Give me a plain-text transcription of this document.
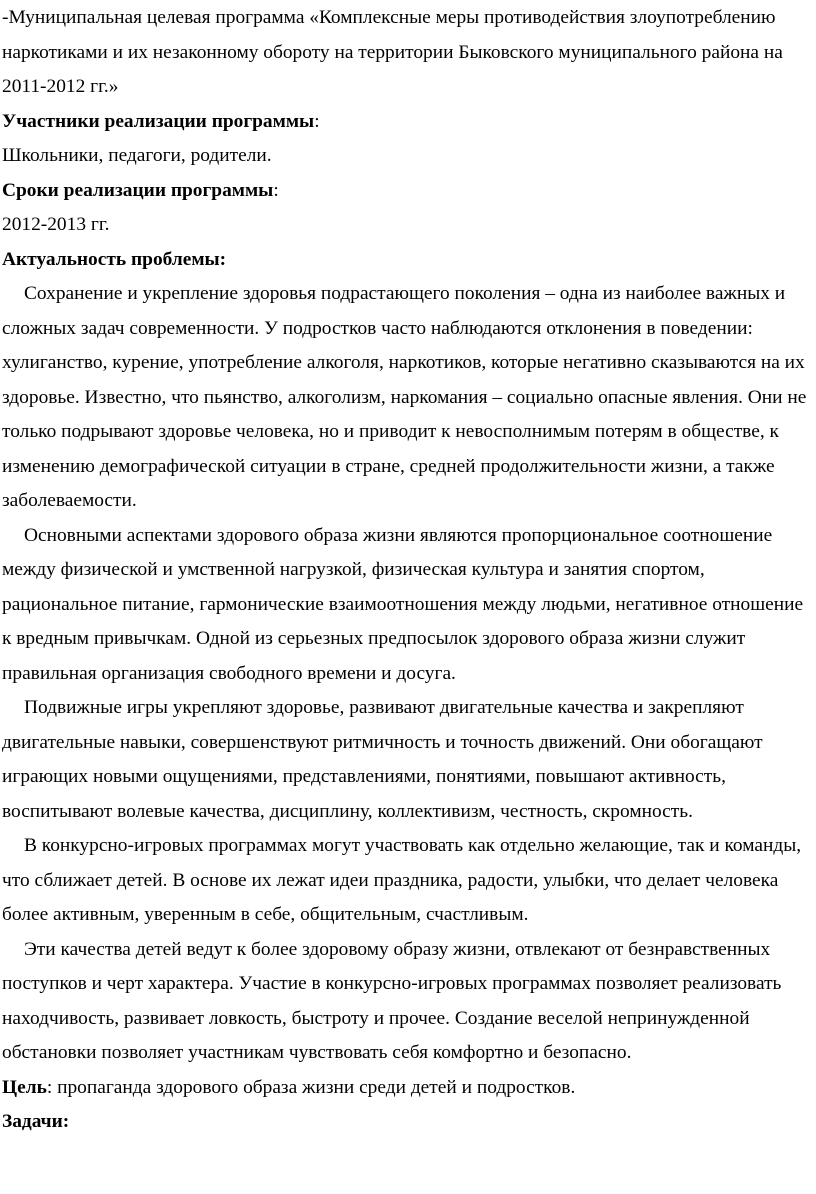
-Муниципальная целевая программа «Комплексные меры противодействия злоупотреблению наркотиками и их незаконному обороту на территории Быковского муниципального района на 2011-2012 гг.»

Участники реализации программы:

Школьники, педагоги, родители.

Сроки реализации программы:

2012-2013 гг.

Актуальность проблемы:

Сохранение и укрепление здоровья подрастающего поколения – одна из наиболее важных и сложных задач современности. У подростков часто наблюдаются отклонения в поведении: хулиганство, курение, употребление алкоголя, наркотиков, которые негативно сказываются на их здоровье. Известно, что пьянство, алкоголизм, наркомания – социально опасные явления. Они не только подрывают здоровье человека, но и приводит к невосполнимым потерям в обществе, к изменению демографической ситуации в стране, средней продолжительности жизни, а также заболеваемости.

Основными аспектами здорового образа жизни являются пропорциональное соотношение между физической и умственной нагрузкой, физическая культура и занятия спортом, рациональное питание, гармонические взаимоотношения между людьми, негативное отношение к вредным привычкам. Одной из серьезных предпосылок здорового образа жизни служит правильная организация свободного времени и досуга.

Подвижные игры укрепляют здоровье, развивают двигательные качества и закрепляют двигательные навыки, совершенствуют ритмичность и точность движений. Они обогащают играющих новыми ощущениями, представлениями, понятиями, повышают активность, воспитывают волевые качества, дисциплину, коллективизм, честность, скромность.

В конкурсно-игровых программах могут участвовать как отдельно желающие, так и команды, что сближает детей. В основе их лежат идеи праздника, радости, улыбки, что делает человека более активным, уверенным в себе, общительным, счастливым.

Эти качества детей ведут к более здоровому образу жизни, отвлекают от безнравственных поступков и черт характера. Участие в конкурсно-игровых программах позволяет реализовать находчивость, развивает ловкость, быстроту и прочее. Создание веселой непринужденной обстановки позволяет участникам чувствовать себя комфортно и безопасно.

Цель: пропаганда здорового образа жизни среди детей и подростков.

Задачи:
